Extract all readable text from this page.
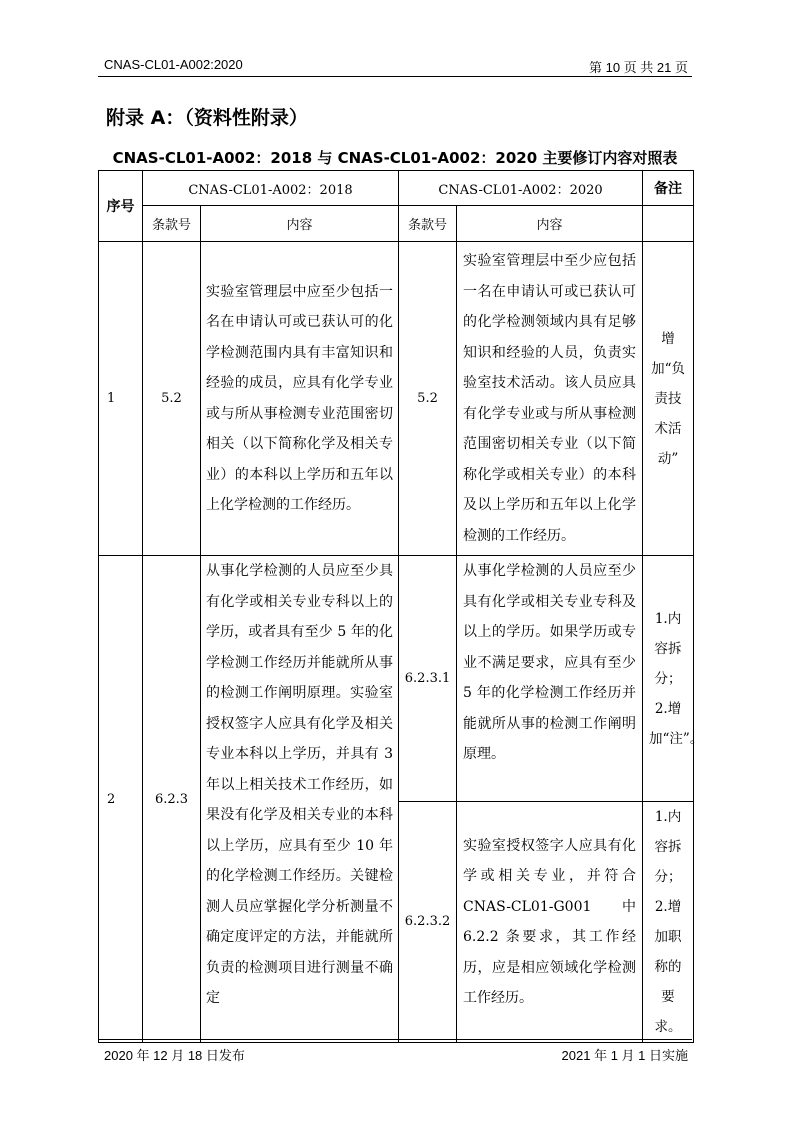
CNAS-CL01-A002:2020	第 10 页 共 21 页
附录 A：（资料性附录）
CNAS-CL01-A002：2018 与 CNAS-CL01-A002：2020 主要修订内容对照表
序号	CNAS-CL01-A002：2018		CNAS-CL01-A002：2020		备注
	条款号	内容	条款号	内容	
1	5.2	实验室管理层中应至少包括一名在申请认可或已获认可的化学检测范围内具有丰富知识和经验的成员，应具有化学专业或与所从事检测专业范围密切相关（以下简称化学及相关专业）的本科以上学历和五年以上化学检测的工作经历。	5.2	实验室管理层中至少应包括一名在申请认可或已获认可的化学检测领域内具有足够知识和经验的人员，负责实验室技术活动。该人员应具有化学专业或与所从事检测范围密切相关专业（以下简称化学或相关专业）的本科及以上学历和五年以上化学检测的工作经历。	增加“负责技术活动”
2	6.2.3	从事化学检测的人员应至少具有化学或相关专业专科以上的学历，或者具有至少 5 年的化学检测工作经历并能就所从事的检测工作阐明原理。实验室授权签字人应具有化学及相关专业本科以上学历，并具有 3 年以上相关技术工作经历，如果没有化学及相关专业的本科以上学历，应具有至少 10 年的化学检测工作经历。关键检测人员应掌握化学分析测量不确定度评定的方法，并能就所负责的检测项目进行测量不确定	6.2.3.1	从事化学检测的人员应至少具有化学或相关专业专科及以上的学历。如果学历或专业不满足要求，应具有至少 5 年的化学检测工作经历并能就所从事的检测工作阐明原理。	1.内容拆分；2.增加“注”。
			6.2.3.2	实验室授权签字人应具有化学或相关专业，并符合 CNAS-CL01-G001 中 6.2.2 条要求，其工作经历，应是相应领域化学检测工作经历。	1.内容拆分；2.增加职称的要求。
2020 年 12 月 18 日发布	2021 年 1 月 1 日实施
